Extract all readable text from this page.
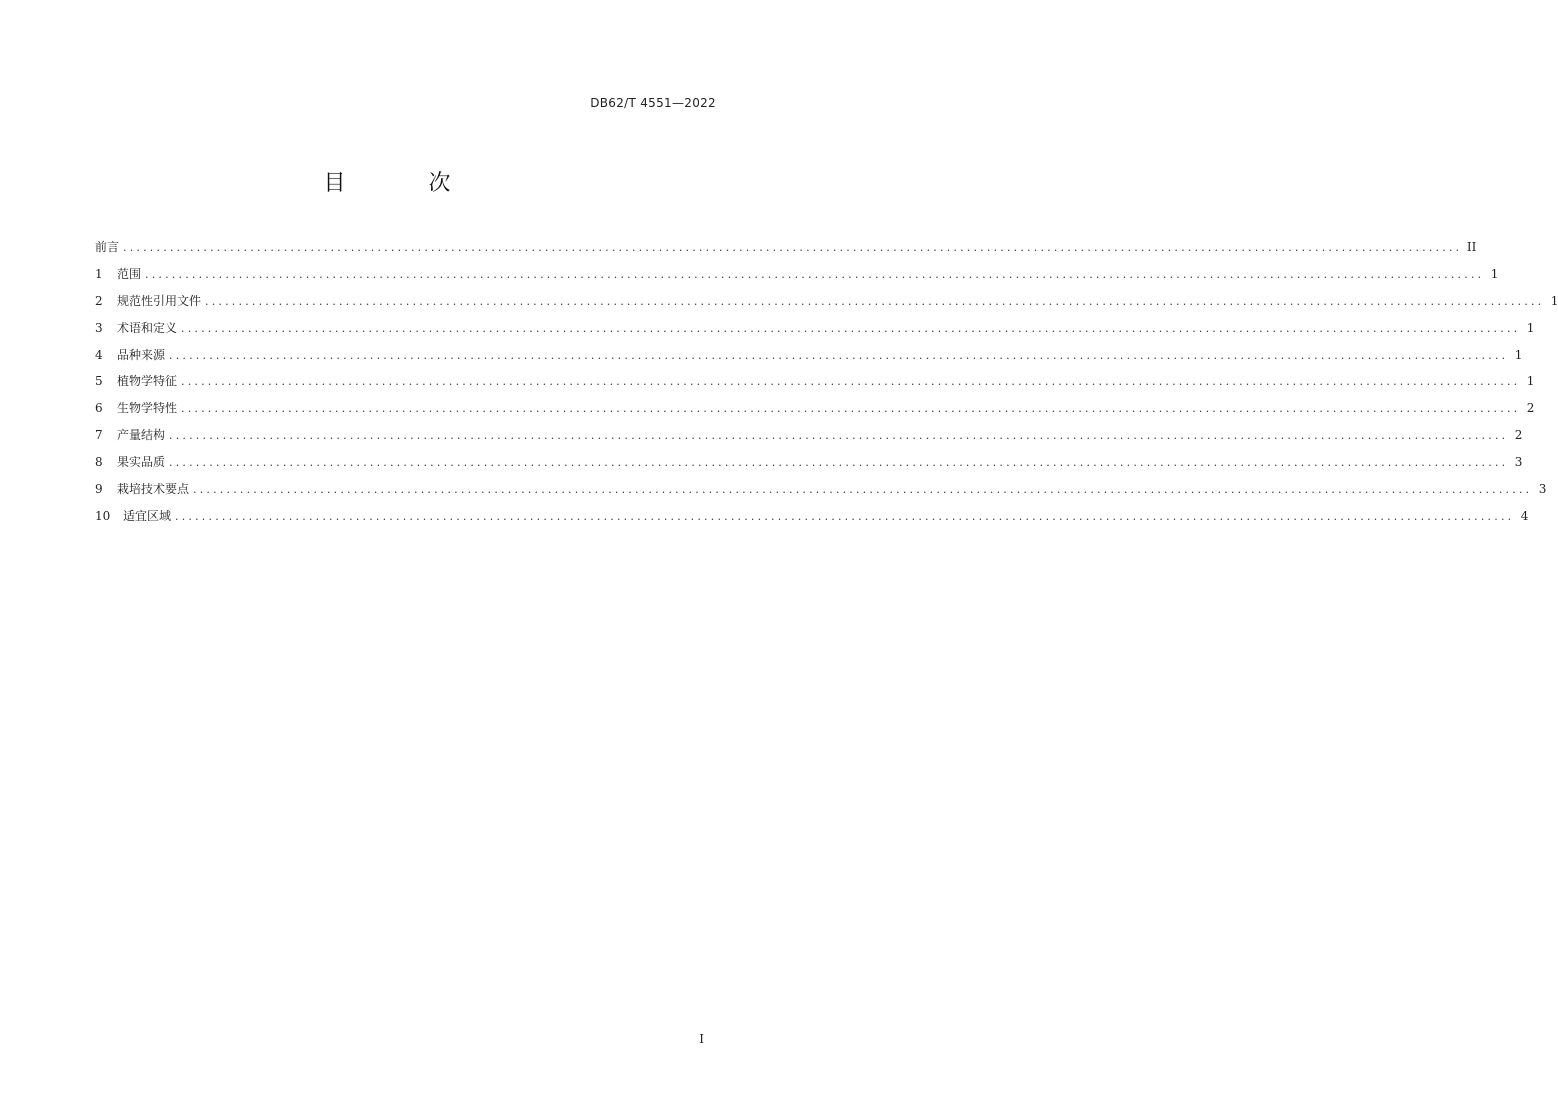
DB62/T 4551—2022
目 次
前言 ........................................................................................................................................................................................................ II
1	范围 ........................................................................................................................................................................................................ 1
2	规范性引用文件 ........................................................................................................................................................................................................ 1
3	术语和定义 ........................................................................................................................................................................................................ 1
4	品种来源 ........................................................................................................................................................................................................ 1
5	植物学特征 ........................................................................................................................................................................................................ 1
6	生物学特性 ........................................................................................................................................................................................................ 2
7	产量结构 ........................................................................................................................................................................................................ 2
8	果实品质 ........................................................................................................................................................................................................ 3
9	栽培技术要点 ........................................................................................................................................................................................................ 3
10	适宜区域 ........................................................................................................................................................................................................ 4
I
